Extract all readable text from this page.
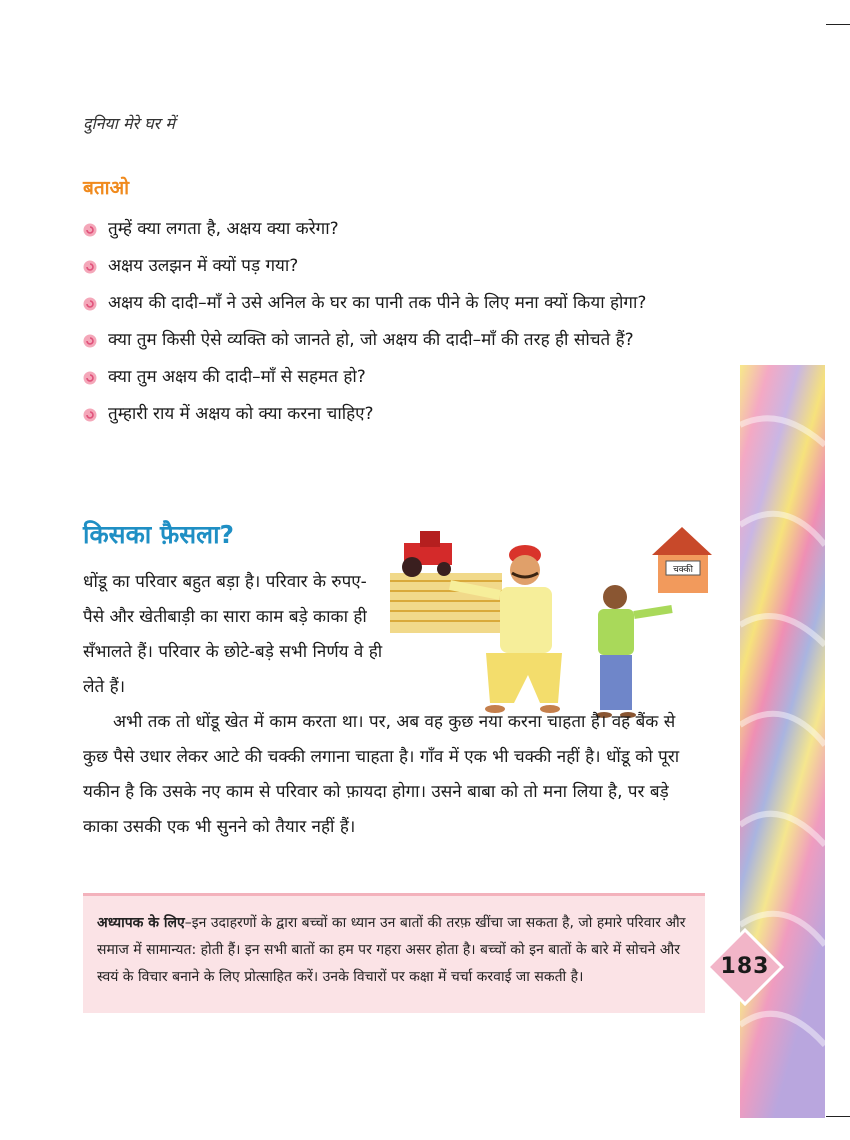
दुनिया मेरे घर में
बताओ
तुम्हें क्या लगता है, अक्षय क्या करेगा?
अक्षय उलझन में क्यों पड़ गया?
अक्षय की दादी–माँ ने उसे अनिल के घर का पानी तक पीने के लिए मना क्यों किया होगा?
क्या तुम किसी ऐसे व्यक्ति को जानते हो, जो अक्षय की दादी–माँ की तरह ही सोचते हैं?
क्या तुम अक्षय की दादी–माँ से सहमत हो?
तुम्हारी राय में अक्षय को क्या करना चाहिए?
किसका फ़ैसला?

धोंडू का परिवार बहुत बड़ा है। परिवार के रुपए-पैसे और खेतीबाड़ी का सारा काम बड़े काका ही सँभालते हैं। परिवार के छोटे-बड़े सभी निर्णय वे ही लेते हैं।

चक्की

अभी तक तो धोंडू खेत में काम करता था। पर, अब वह कुछ नया करना चाहता है। वह बैंक से कुछ पैसे उधार लेकर आटे की चक्की लगाना चाहता है। गाँव में एक भी चक्की नहीं है। धोंडू को पूरा यकीन है कि उसके नए काम से परिवार को फ़ायदा होगा। उसने बाबा को तो मना लिया है, पर बड़े काका उसकी एक भी सुनने को तैयार नहीं हैं।

अध्यापक के लिए–इन उदाहरणों के द्वारा बच्चों का ध्यान उन बातों की तरफ़ खींचा जा सकता है, जो हमारे परिवार और समाज में सामान्यत: होती हैं। इन सभी बातों का हम पर गहरा असर होता है। बच्चों को इन बातों के बारे में सोचने और स्वयं के विचार बनाने के लिए प्रोत्साहित करें। उनके विचारों पर कक्षा में चर्चा करवाई जा सकती है।	183
